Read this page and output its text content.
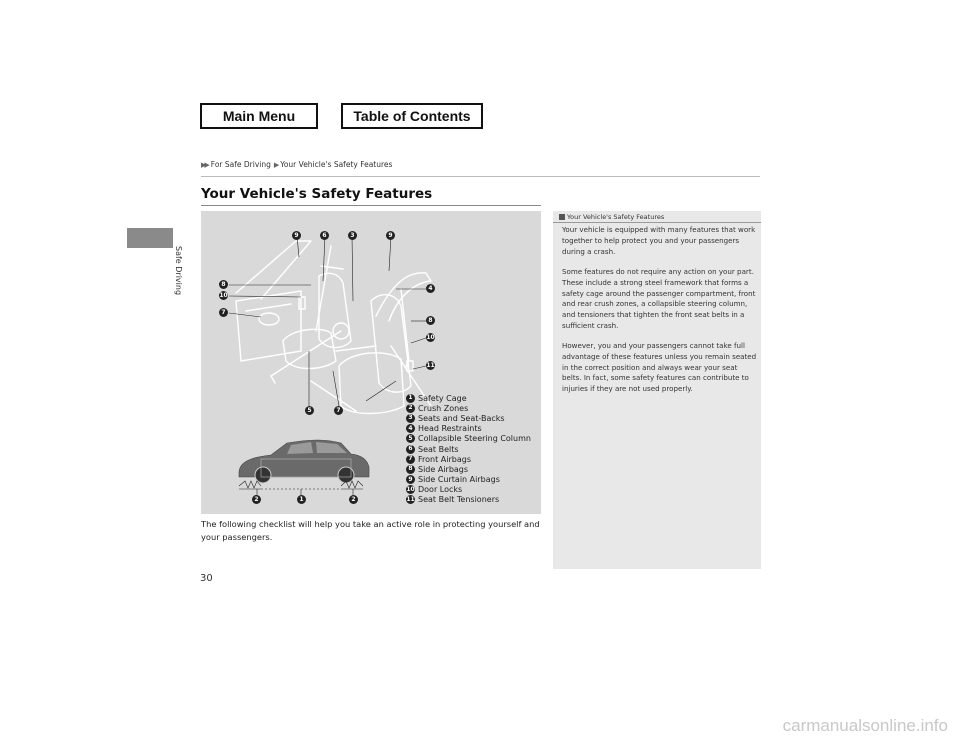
Main Menu	Table of Contents
Safe Driving
▶▶ For Safe Driving ▶ Your Vehicle's Safety Features
Your Vehicle's Safety Features
9	6	3	9
8
10
7
4
8
10
11
5	7
2	1	2
1 Safety Cage
2 Crush Zones
3 Seats and Seat-Backs
4 Head Restraints
5 Collapsible Steering Column
6 Seat Belts
7 Front Airbags
8 Side Airbags
9 Side Curtain Airbags
10 Door Locks
11 Seat Belt Tensioners
The following checklist will help you take an active role in protecting yourself and your passengers.
Your Vehicle's Safety Features
Your vehicle is equipped with many features that work together to help protect you and your passengers during a crash.
Some features do not require any action on your part. These include a strong steel framework that forms a safety cage around the passenger compartment, front and rear crush zones, a collapsible steering column, and tensioners that tighten the front seat belts in a sufficient crash.
However, you and your passengers cannot take full advantage of these features unless you remain seated in the correct position and always wear your seat belts. In fact, some safety features can contribute to injuries if they are not used properly.
30
carmanualsonline.info
